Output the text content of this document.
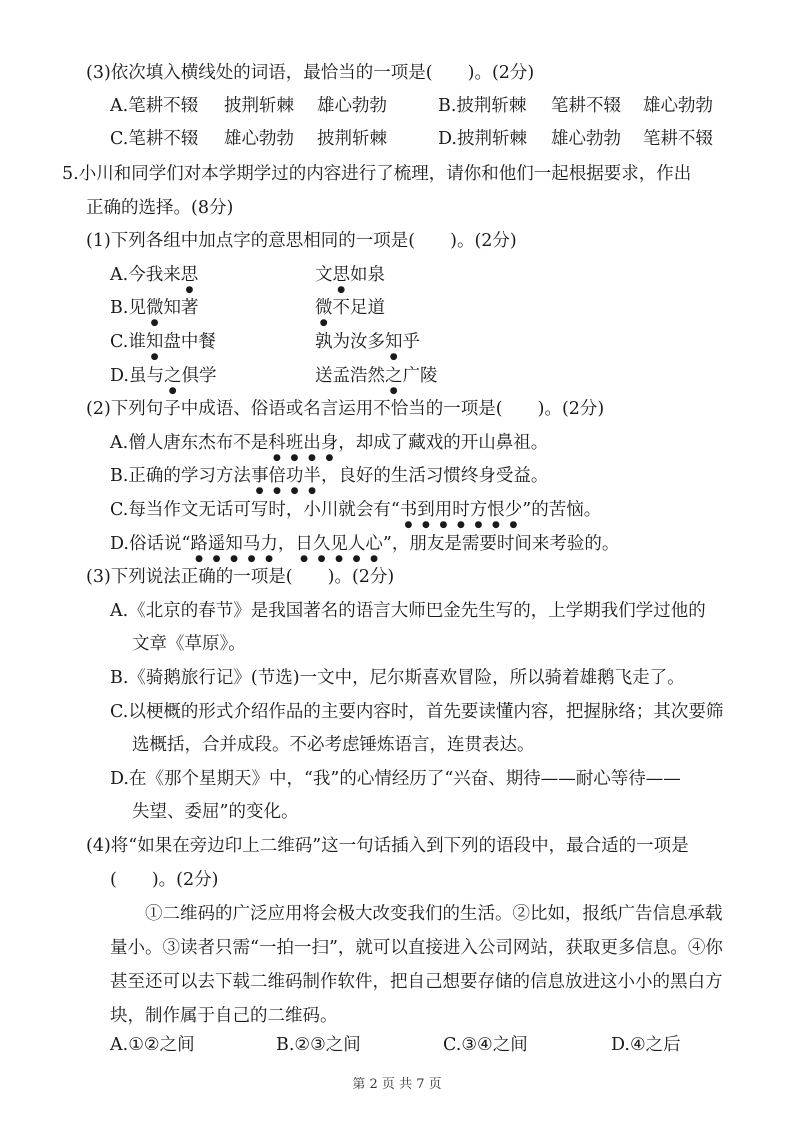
(3)依次填入横线处的词语，最恰当的一项是(　　)。(2分)
A.笔耕不辍 披荆斩棘 雄心勃勃	B.披荆斩棘 笔耕不辍 雄心勃勃
C.笔耕不辍 雄心勃勃 披荆斩棘	D.披荆斩棘 雄心勃勃 笔耕不辍
5.小川和同学们对本学期学过的内容进行了梳理，请你和他们一起根据要求，作出
正确的选择。(8分)
(1)下列各组中加点字的意思相同的一项是(　　)。(2分)
A.今我来思	文思如泉
B.见微知著	微不足道
C.谁知盘中餐	孰为汝多知乎
D.虽与之俱学	送孟浩然之广陵
(2)下列句子中成语、俗语或名言运用不恰当的一项是(　　)。(2分)
A.僧人唐东杰布不是科班出身，却成了藏戏的开山鼻祖。
B.正确的学习方法事倍功半，良好的生活习惯终身受益。
C.每当作文无话可写时，小川就会有“书到用时方恨少”的苦恼。
D.俗话说“路遥知马力，日久见人心”，朋友是需要时间来考验的。
(3)下列说法正确的一项是(　　)。(2分)
A.《北京的春节》是我国著名的语言大师巴金先生写的，上学期我们学过他的
文章《草原》。
B.《骑鹅旅行记》(节选)一文中，尼尔斯喜欢冒险，所以骑着雄鹅飞走了。
C.以梗概的形式介绍作品的主要内容时，首先要读懂内容，把握脉络；其次要筛
选概括，合并成段。不必考虑锤炼语言，连贯表达。
D.在《那个星期天》中，“我”的心情经历了“兴奋、期待——耐心等待——
失望、委屈”的变化。
(4)将“如果在旁边印上二维码”这一句话插入到下列的语段中，最合适的一项是
(　　)。(2分)
①二维码的广泛应用将会极大改变我们的生活。②比如，报纸广告信息承载量小。③读者只需“一拍一扫”，就可以直接进入公司网站，获取更多信息。④你甚至还可以去下载二维码制作软件，把自己想要存储的信息放进这小小的黑白方块，制作属于自己的二维码。
A.①②之间	B.②③之间	C.③④之间	D.④之后
第 2 页 共 7 页
